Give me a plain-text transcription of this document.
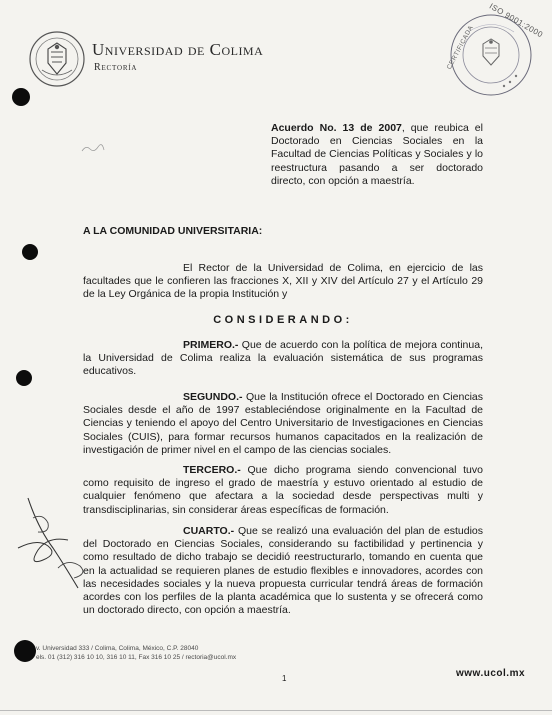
Universidad de Colima
Rectoría
ISO 9001:2000
CERTIFICADA
Acuerdo No. 13 de 2007, que reubica el Doctorado en Ciencias Sociales en la Facultad de Ciencias Políticas y Sociales y lo reestructura pasando a ser doctorado directo, con opción a maestría.
A LA COMUNIDAD UNIVERSITARIA:
El Rector de la Universidad de Colima, en ejercicio de las facultades que le confieren las fracciones X, XII y XIV del Artículo 27 y el Artículo 29 de la Ley Orgánica de la propia Institución y
CONSIDERANDO:
PRIMERO.- Que de acuerdo con la política de mejora continua, la Universidad de Colima realiza la evaluación sistemática de sus programas educativos.
SEGUNDO.- Que la Institución ofrece el Doctorado en Ciencias Sociales desde el año de 1997 estableciéndose originalmente en la Facultad de Ciencias y teniendo el apoyo del Centro Universitario de Investigaciones en Ciencias Sociales (CUIS), para formar recursos humanos capacitados en la realización de investigación de primer nivel en el campo de las ciencias sociales.
TERCERO.- Que dicho programa siendo convencional tuvo como requisito de ingreso el grado de maestría y estuvo orientado al estudio de cualquier fenómeno que afectara a la sociedad desde perspectivas multi y transdisciplinarias, sin considerar áreas específicas de formación.
CUARTO.- Que se realizó una evaluación del plan de estudios del Doctorado en Ciencias Sociales, considerando su factibilidad y pertinencia y como resultado de dicho trabajo se decidió reestructurarlo, tomando en cuenta que en la actualidad se requieren planes de estudio flexibles e innovadores, acordes con las necesidades sociales y la nueva propuesta curricular tendrá áreas de formación acordes con los perfiles de la planta académica que lo sustenta y se ofrecerá como un doctorado directo, con opción a maestría.
v. Universidad 333 / Colima, Colima, México, C.P. 28040
els. 01 (312) 316 10 10, 316 10 11, Fax 316 10 25 / rectoria@ucol.mx
1	www.ucol.mx
